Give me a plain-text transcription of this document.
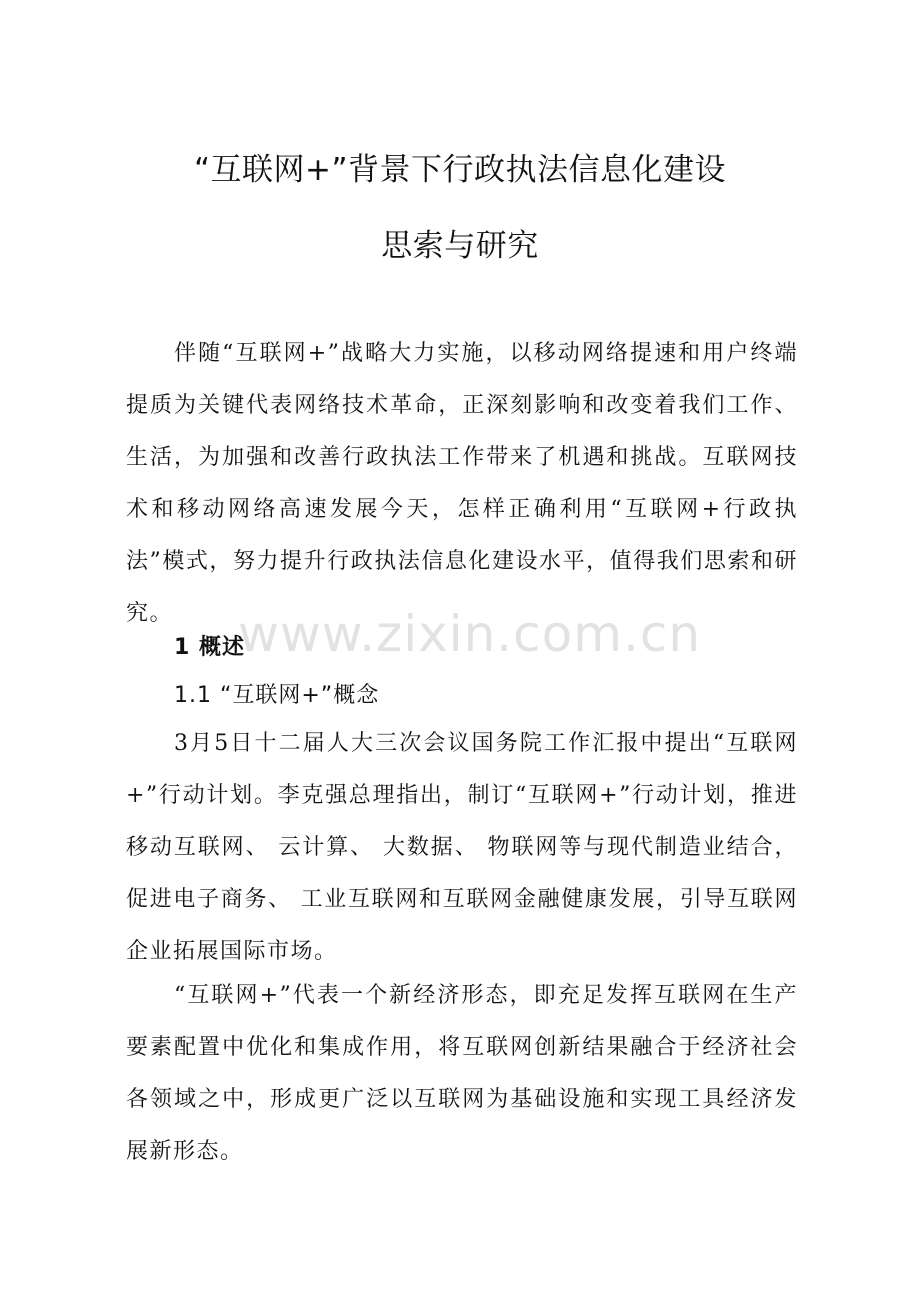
“互联网+”背景下行政执法信息化建设
思索与研究

伴随“互联网+”战略大力实施，以移动网络提速和用户终端提质为关键代表网络技术革命，正深刻影响和改变着我们工作、 生活，为加强和改善行政执法工作带来了机遇和挑战。互联网技术和移动网络高速发展今天，怎样正确利用“互联网+行政执法”模式，努力提升行政执法信息化建设水平，值得我们思索和研究。

1 概述
1.1 “互联网+”概念

3月5日十二届人大三次会议国务院工作汇报中提出“互联网+”行动计划。李克强总理指出，制订“互联网+”行动计划，推进移动互联网、 云计算、 大数据、 物联网等与现代制造业结合，促进电子商务、 工业互联网和互联网金融健康发展，引导互联网企业拓展国际市场。

“互联网+”代表一个新经济形态，即充足发挥互联网在生产要素配置中优化和集成作用，将互联网创新结果融合于经济社会各领域之中，形成更广泛以互联网为基础设施和实现工具经济发展新形态。

www.zixin.com.cn
